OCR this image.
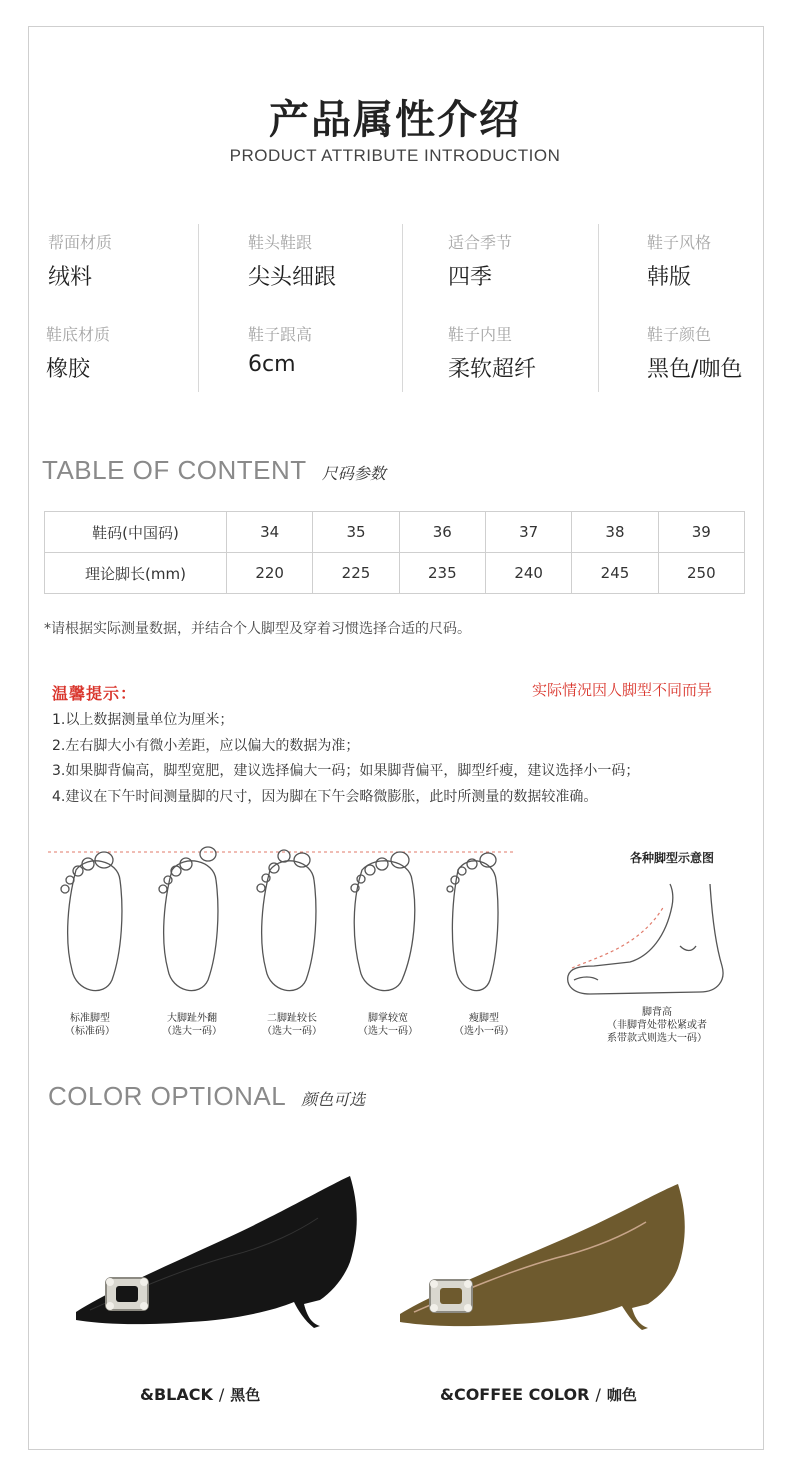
产品属性介绍
PRODUCT ATTRIBUTE INTRODUCTION
帮面材质
绒料
鞋头鞋跟
尖头细跟
适合季节
四季
鞋子风格
韩版
鞋底材质
橡胶
鞋子跟高
6cm
鞋子内里
柔软超纤
鞋子颜色
黑色/咖色
TABLE OF CONTENT 尺码参数
鞋码(中国码)	34	35	36	37	38	39
理论脚长(mm)	220	225	235	240	245	250
*请根据实际测量数据，并结合个人脚型及穿着习惯选择合适的尺码。
温馨提示：	实际情况因人脚型不同而异
1.以上数据测量单位为厘米；
2.左右脚大小有微小差距，应以偏大的数据为准；
3.如果脚背偏高，脚型宽肥，建议选择偏大一码；如果脚背偏平，脚型纤瘦，建议选择小一码；
4.建议在下午时间测量脚的尺寸，因为脚在下午会略微膨胀，此时所测量的数据较准确。
标准脚型
（标准码）
大脚趾外翻
（选大一码）
二脚趾较长
（选大一码）
脚掌较宽
（选大一码）
瘦脚型
（选小一码）
各种脚型示意图
脚背高
（非脚背处带松紧或者
系带款式则选大一码）
COLOR OPTIONAL 颜色可选
&BLACK / 黑色	&COFFEE COLOR / 咖色
